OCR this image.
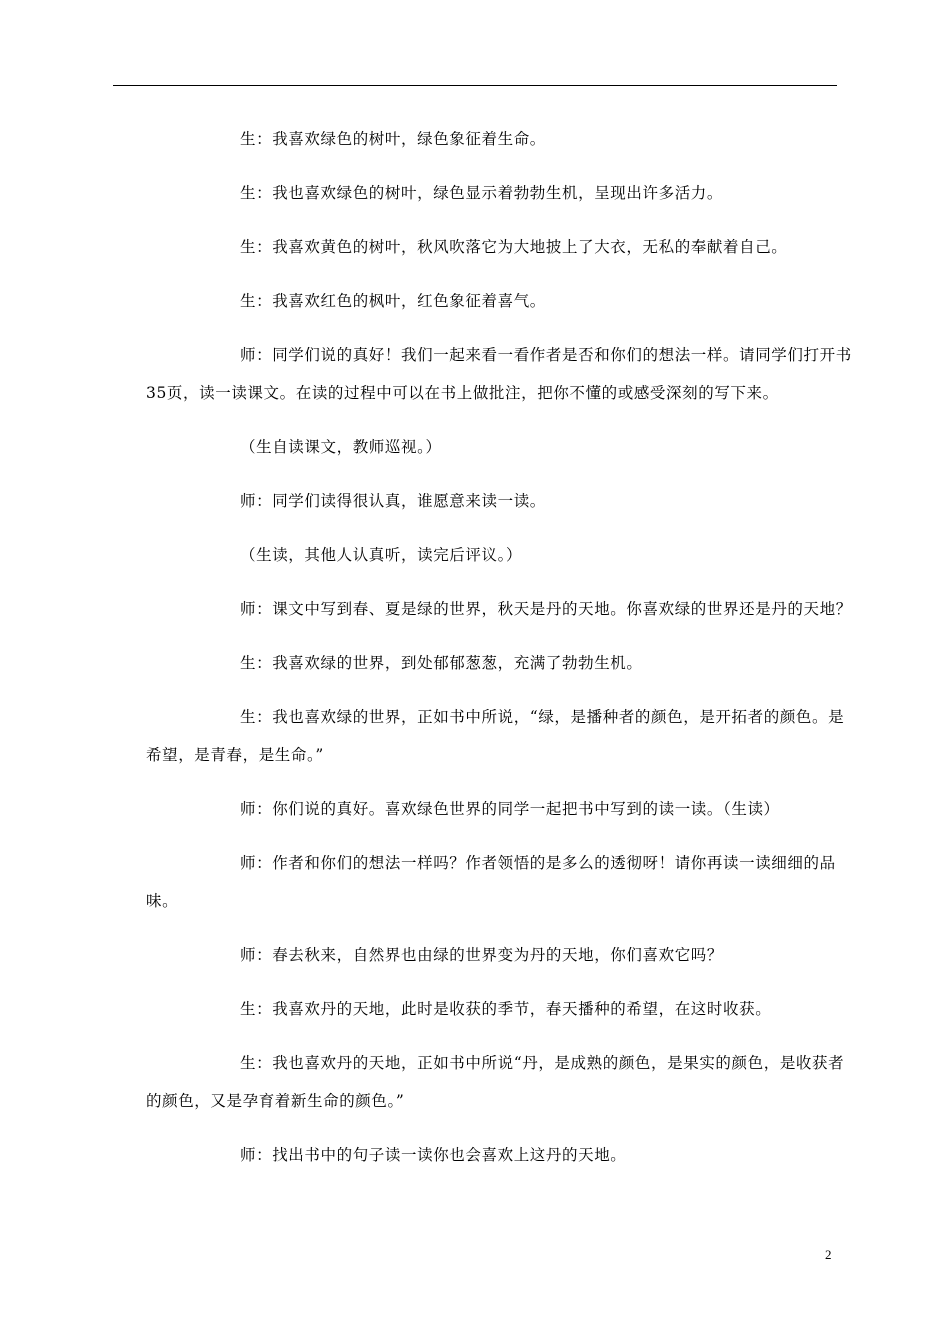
生：我喜欢绿色的树叶，绿色象征着生命。

生：我也喜欢绿色的树叶，绿色显示着勃勃生机，呈现出许多活力。

生：我喜欢黄色的树叶，秋风吹落它为大地披上了大衣，无私的奉献着自己。

生：我喜欢红色的枫叶，红色象征着喜气。

师：同学们说的真好！我们一起来看一看作者是否和你们的想法一样。请同学们打开书35页，读一读课文。在读的过程中可以在书上做批注，把你不懂的或感受深刻的写下来。

（生自读课文，教师巡视。）

师：同学们读得很认真，谁愿意来读一读。

（生读，其他人认真听，读完后评议。）

师：课文中写到春、夏是绿的世界，秋天是丹的天地。你喜欢绿的世界还是丹的天地？

生：我喜欢绿的世界，到处郁郁葱葱，充满了勃勃生机。

生：我也喜欢绿的世界，正如书中所说，“绿，是播种者的颜色，是开拓者的颜色。是希望，是青春，是生命。”

师：你们说的真好。喜欢绿色世界的同学一起把书中写到的读一读。（生读）

师：作者和你们的想法一样吗？作者领悟的是多么的透彻呀！请你再读一读细细的品味。

师：春去秋来，自然界也由绿的世界变为丹的天地，你们喜欢它吗？

生：我喜欢丹的天地，此时是收获的季节，春天播种的希望，在这时收获。

生：我也喜欢丹的天地，正如书中所说“丹，是成熟的颜色，是果实的颜色，是收获者的颜色，又是孕育着新生命的颜色。”

师：找出书中的句子读一读你也会喜欢上这丹的天地。

2
